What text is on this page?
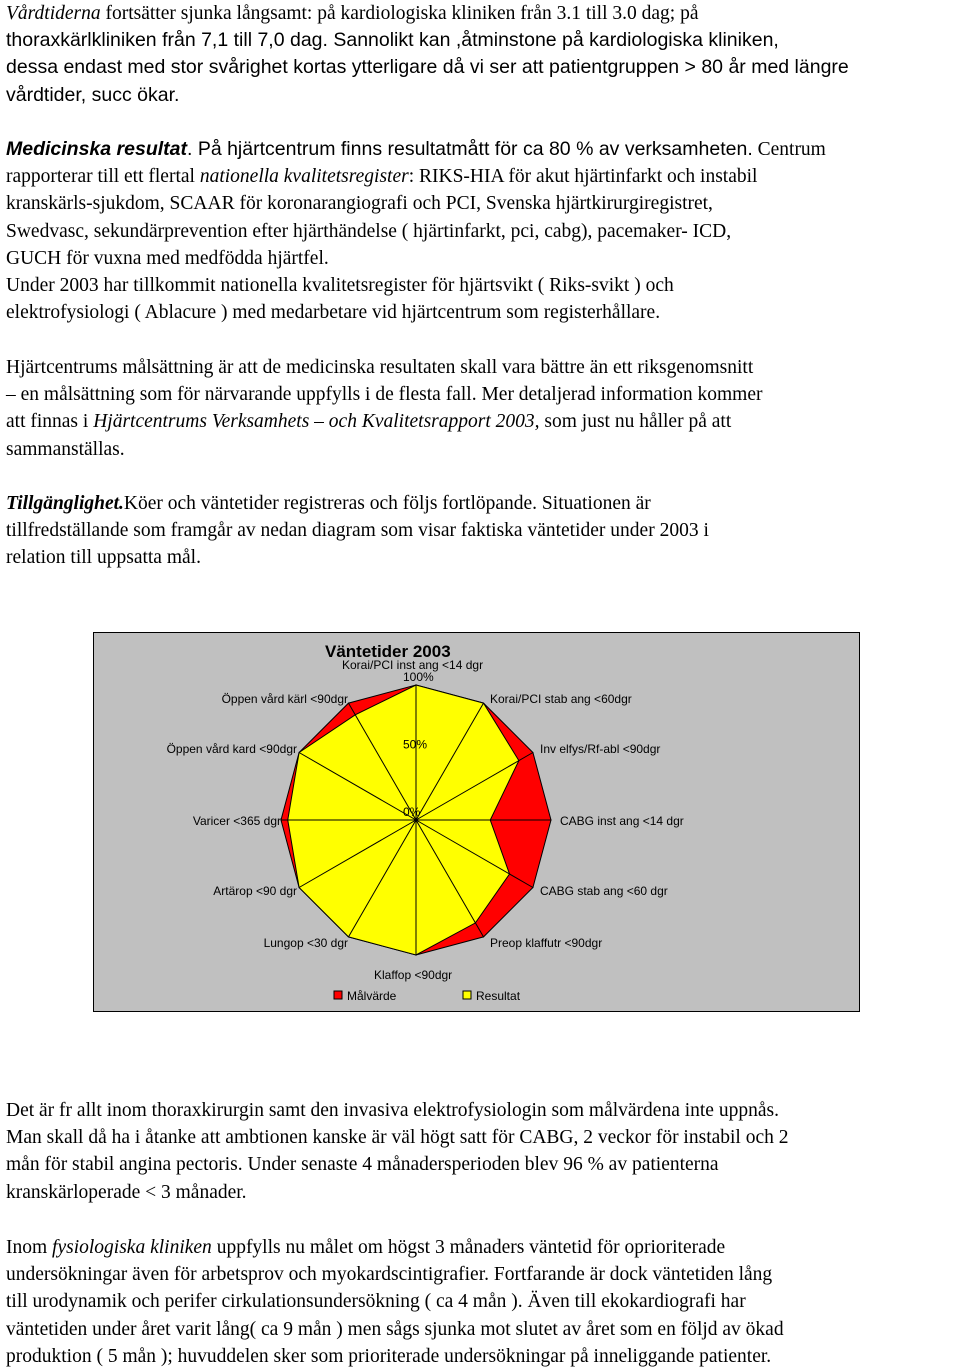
Vårdtiderna fortsätter sjunka långsamt: på kardiologiska kliniken från 3.1 till 3.0 dag; på
thoraxkärlkliniken från 7,1 till 7,0 dag. Sannolikt kan ,åtminstone på kardiologiska kliniken,
dessa endast med stor svårighet kortas ytterligare då vi ser att patientgruppen > 80 år med längre
vårdtider, succ ökar.
Medicinska resultat. På hjärtcentrum finns resultatmått för ca 80 % av verksamheten. Centrum
rapporterar till ett flertal nationella kvalitetsregister: RIKS-HIA för akut hjärtinfarkt och instabil
kranskärls-sjukdom, SCAAR för koronarangiografi och PCI, Svenska hjärtkirurgiregistret,
Swedvasc, sekundärprevention efter hjärthändelse ( hjärtinfarkt, pci, cabg), pacemaker- ICD,
GUCH för vuxna med medfödda hjärtfel.
Under 2003 har tillkommit nationella kvalitetsregister för hjärtsvikt ( Riks-svikt ) och
elektrofysiologi ( Ablacure ) med medarbetare vid hjärtcentrum som registerhållare.
Hjärtcentrums målsättning är att de medicinska resultaten skall vara bättre än ett riksgenomsnitt
– en målsättning som för närvarande uppfylls i de flesta fall. Mer detaljerad information kommer
att finnas i Hjärtcentrums Verksamhets – och Kvalitetsrapport 2003, som just nu håller på att
sammanställas.
Tillgänglighet.Köer och väntetider registreras och följs fortlöpande. Situationen är
tillfredställande som framgår av nedan diagram som visar faktiska väntetider under 2003 i
relation till uppsatta mål.
Väntetider 2003
100%
50%
0%
Korai/PCI inst ang <14 dgr
Korai/PCI stab ang <60dgr
Inv elfys/Rf-abl <90dgr
CABG inst ang <14 dgr
CABG stab ang <60 dgr
Preop klaffutr <90dgr
Klaffop <90dgr
Lungop <30 dgr
Artärop <90 dgr
Varicer <365 dgr
Öppen vård kard <90dgr
Öppen vård kärl <90dgr
Målvärde	Resultat
Det är fr allt inom thoraxkirurgin samt den invasiva elektrofysiologin som målvärdena inte uppnås.
Man skall då ha i åtanke att ambtionen kanske är väl högt satt för CABG, 2 veckor för instabil och 2
mån för stabil angina pectoris. Under senaste 4 månadersperioden blev 96 % av patienterna
kranskärloperade < 3 månader.
Inom fysiologiska kliniken uppfylls nu målet om högst 3 månaders väntetid för oprioriterade
undersökningar även för arbetsprov och myokardscintigrafier. Fortfarande är dock väntetiden lång
till urodynamik och perifer cirkulationsundersökning ( ca 4 mån ). Även till ekokardiografi har
väntetiden under året varit lång( ca 9 mån ) men sågs sjunka mot slutet av året som en följd av ökad
produktion ( 5 mån ); huvuddelen sker som prioriterade undersökningar på inneliggande patienter.
